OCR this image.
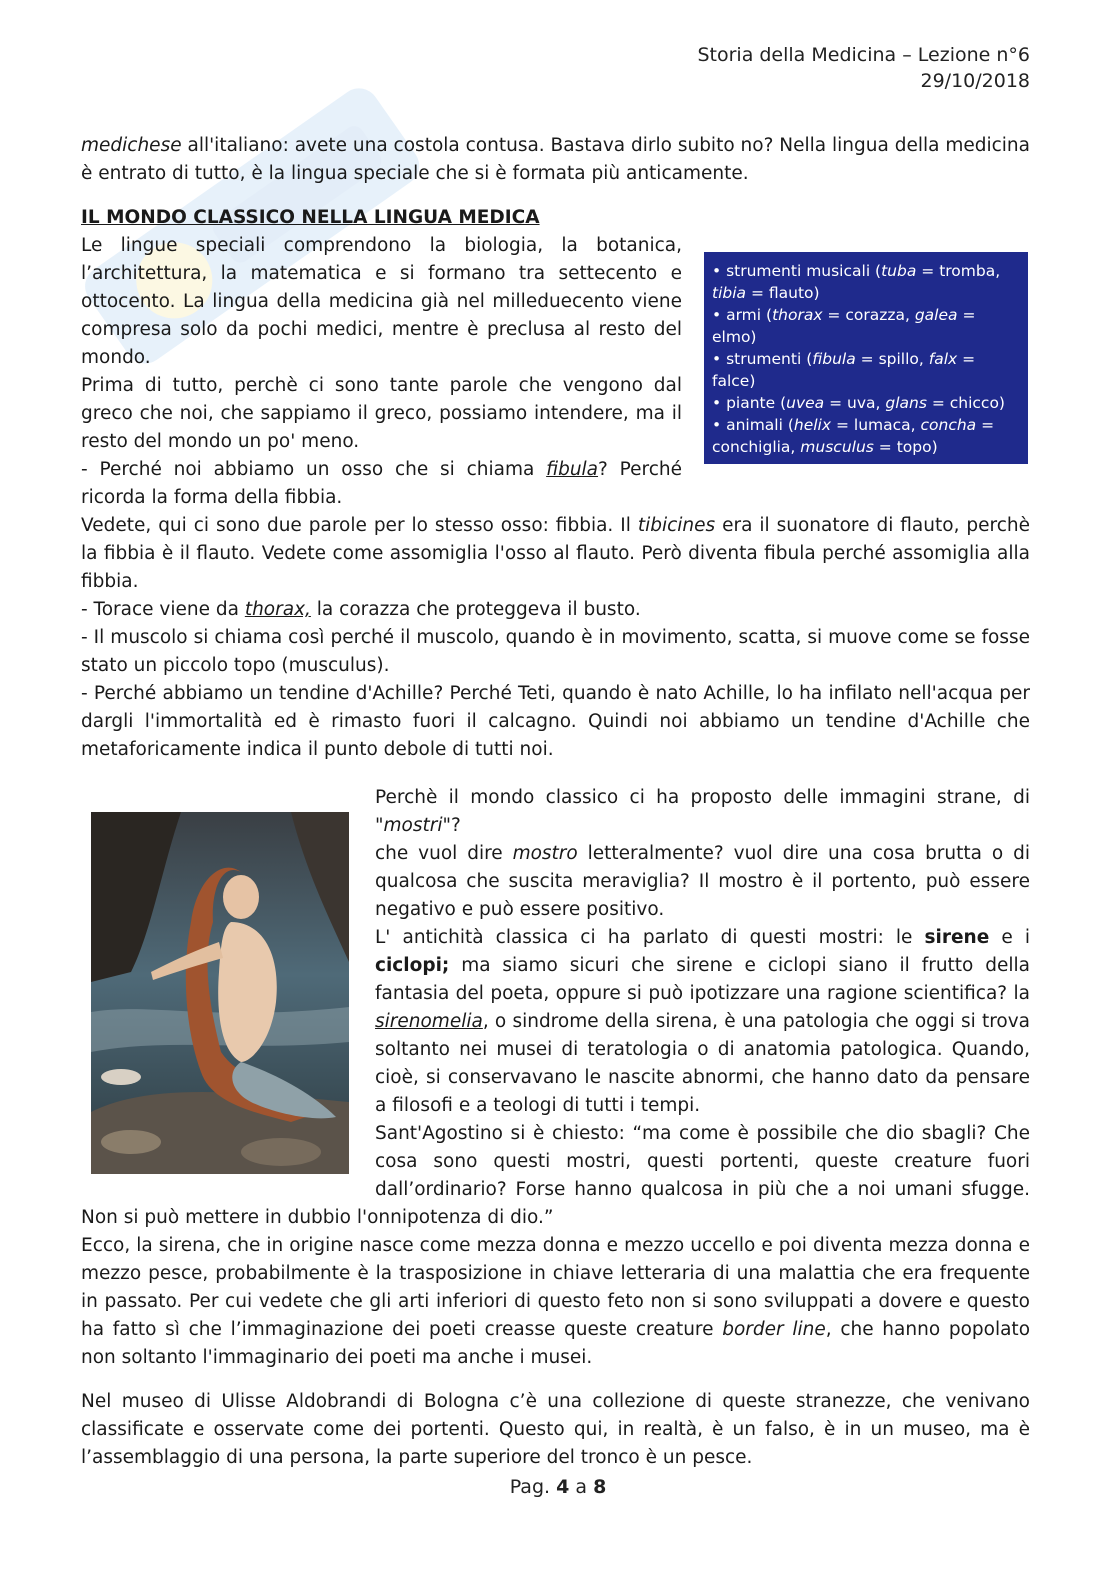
Storia della Medicina – Lezione n°6
29/10/2018

medichese all'italiano: avete una costola contusa. Bastava dirlo subito no? Nella lingua della medicina è entrato di tutto, è la lingua speciale che si è formata più anticamente.

IL MONDO CLASSICO NELLA LINGUA MEDICA

• strumenti musicali (tuba = tromba, tibia = flauto)
• armi (thorax = corazza, galea = elmo)
• strumenti (fibula = spillo, falx = falce)
• piante (uvea = uva, glans = chicco)
• animali (helix = lumaca, concha = conchiglia, musculus = topo)

Le lingue speciali comprendono la biologia, la botanica, l’architettura, la matematica e si formano tra settecento e ottocento. La lingua della medicina già nel milleduecento viene compresa solo da pochi medici, mentre è preclusa al resto del mondo.

Prima di tutto, perchè ci sono tante parole che vengono dal greco che noi, che sappiamo il greco, possiamo intendere, ma il resto del mondo un po' meno.

- Perché noi abbiamo un osso che si chiama fibula? Perché ricorda la forma della fibbia.

Vedete, qui ci sono due parole per lo stesso osso: fibbia. Il tibicines era il suonatore di flauto, perchè la fibbia è il flauto. Vedete come assomiglia l'osso al flauto. Però diventa fibula perché assomiglia alla fibbia.

- Torace viene da thorax, la corazza che proteggeva il busto.

- Il muscolo si chiama così perché il muscolo, quando è in movimento, scatta, si muove come se fosse stato un piccolo topo (musculus).

- Perché abbiamo un tendine d'Achille? Perché Teti, quando è nato Achille, lo ha infilato nell'acqua per dargli l'immortalità ed è rimasto fuori il calcagno. Quindi noi abbiamo un tendine d'Achille che metaforicamente indica il punto debole di tutti noi.

Perchè il mondo classico ci ha proposto delle immagini strane, di "mostri"?

che vuol dire mostro letteralmente? vuol dire una cosa brutta o di qualcosa che suscita meraviglia? Il mostro è il portento, può essere negativo e può essere positivo.

L' antichità classica ci ha parlato di questi mostri: le sirene e i ciclopi; ma siamo sicuri che sirene e ciclopi siano il frutto della fantasia del poeta, oppure si può ipotizzare una ragione scientifica? la sirenomelia, o sindrome della sirena, è una patologia che oggi si trova soltanto nei musei di teratologia o di anatomia patologica. Quando, cioè, si conservavano le nascite abnormi, che hanno dato da pensare a filosofi e a teologi di tutti i tempi.

Sant'Agostino si è chiesto: “ma come è possibile che dio sbagli? Che cosa sono questi mostri, questi portenti, queste creature fuori dall’ordinario? Forse hanno qualcosa in più che a noi umani sfugge. Non si può mettere in dubbio l'onnipotenza di dio.”

Ecco, la sirena, che in origine nasce come mezza donna e mezzo uccello e poi diventa mezza donna e mezzo pesce, probabilmente è la trasposizione in chiave letteraria di una malattia che era frequente in passato. Per cui vedete che gli arti inferiori di questo feto non si sono sviluppati a dovere e questo ha fatto sì che l’immaginazione dei poeti creasse queste creature border line, che hanno popolato non soltanto l'immaginario dei poeti ma anche i musei.

Nel museo di Ulisse Aldobrandi di Bologna c’è una collezione di queste stranezze, che venivano classificate e osservate come dei portenti. Questo qui, in realtà, è un falso, è in un museo, ma è l’assemblaggio di una persona, la parte superiore del tronco è un pesce.

Pag. 4 a 8
